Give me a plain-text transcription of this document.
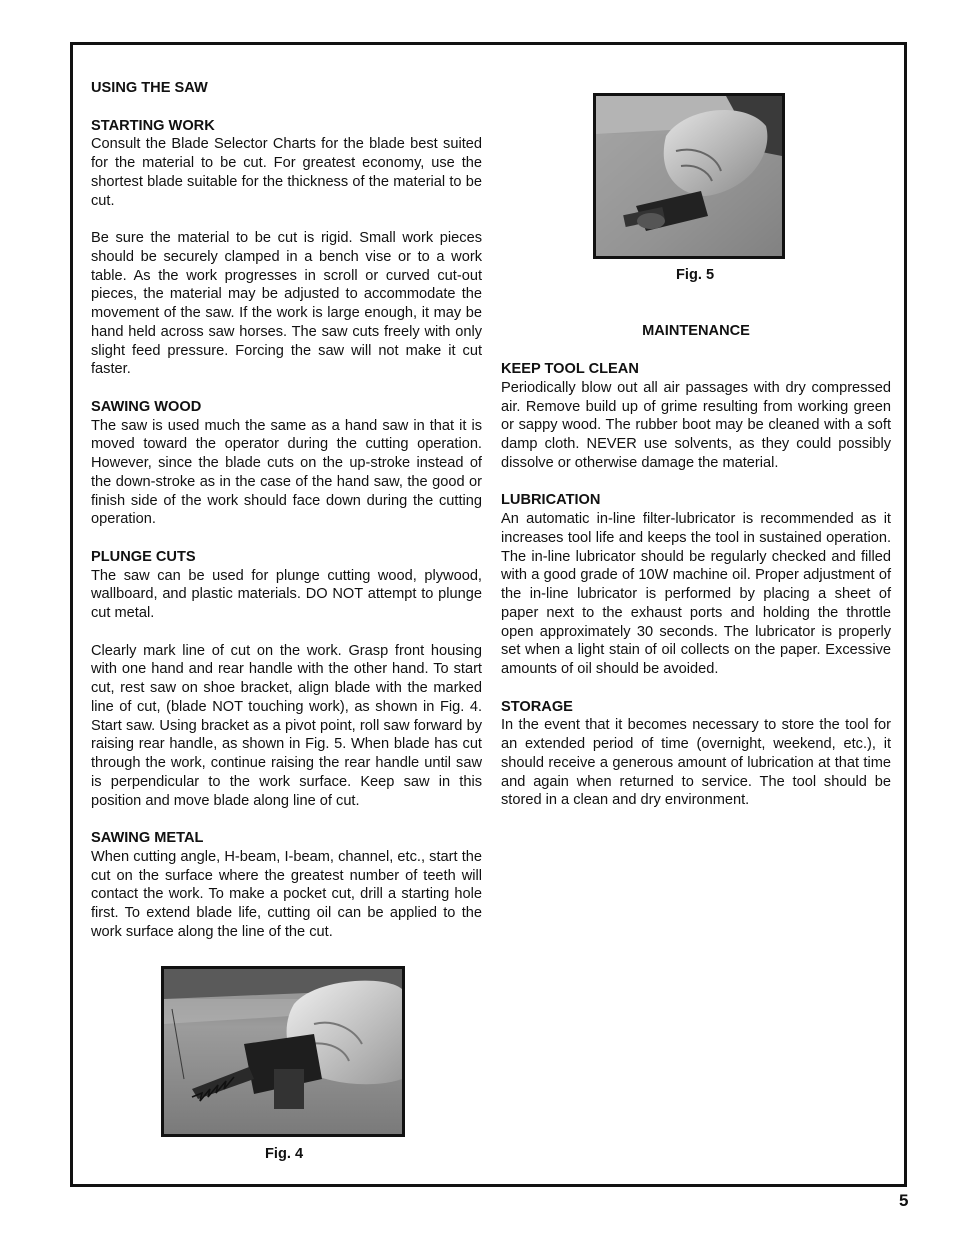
USING THE SAW

STARTING WORK

Consult the Blade Selector Charts for the blade best suited for the material to be cut. For greatest economy, use the shortest blade suitable for the thickness of the material to be cut.

Be sure the material to be cut is rigid. Small work pieces should be securely clamped in a bench vise or to a work table. As the work progresses in scroll or curved cut-out pieces, the material may be adjusted to accommodate the movement of the saw. If the work is large enough, it may be hand held across saw horses. The saw cuts freely with only slight feed pressure. Forcing the saw will not make it cut faster.

SAWING WOOD

The saw is used much the same as a hand saw in that it is moved toward the operator during the cutting operation. However, since the blade cuts on the up-stroke instead of the down-stroke as in the case of the hand saw, the good or finish side of the work should face down during the cutting operation.

PLUNGE CUTS

The saw can be used for plunge cutting wood, plywood, wallboard, and plastic materials. DO NOT attempt to plunge cut metal.

Clearly mark line of cut on the work. Grasp front housing with one hand and rear handle with the other hand. To start cut, rest saw on shoe bracket, align blade with the marked line of cut, (blade NOT touching work), as shown in Fig. 4. Start saw. Using bracket as a pivot point, roll saw forward by raising rear handle, as shown in Fig. 5. When blade has cut through the work, continue raising the rear handle until saw is perpendicular to the work surface. Keep saw in this position and move blade along line of cut.

SAWING METAL

When cutting angle, H-beam, I-beam, channel, etc., start the cut on the surface where the greatest number of teeth will contact the work. To make a pocket cut, drill a starting hole first. To extend blade life, cutting oil can be applied to the work surface along the line of the cut.

Fig. 5
MAINTENANCE

KEEP TOOL CLEAN

Periodically blow out all air passages with dry compressed air. Remove build up of grime resulting from working green or sappy wood. The rubber boot may be cleaned with a soft damp cloth. NEVER use solvents, as they could possibly dissolve or otherwise damage the material.

LUBRICATION

An automatic in-line filter-lubricator is recommended as it increases tool life and keeps the tool in sustained operation. The in-line lubricator should be regularly checked and filled with a good grade of 10W machine oil. Proper adjustment of the in-line lubricator is performed by placing a sheet of paper next to the exhaust ports and holding the throttle open approximately 30 seconds. The lubricator is properly set when a light stain of oil collects on the paper. Excessive amounts of oil should be avoided.

STORAGE

In the event that it becomes necessary to store the tool for an extended period of time (overnight, weekend, etc.), it should receive a generous amount of lubrication at that time and again when returned to service. The tool should be stored in a clean and dry environment.

Fig. 4
5
